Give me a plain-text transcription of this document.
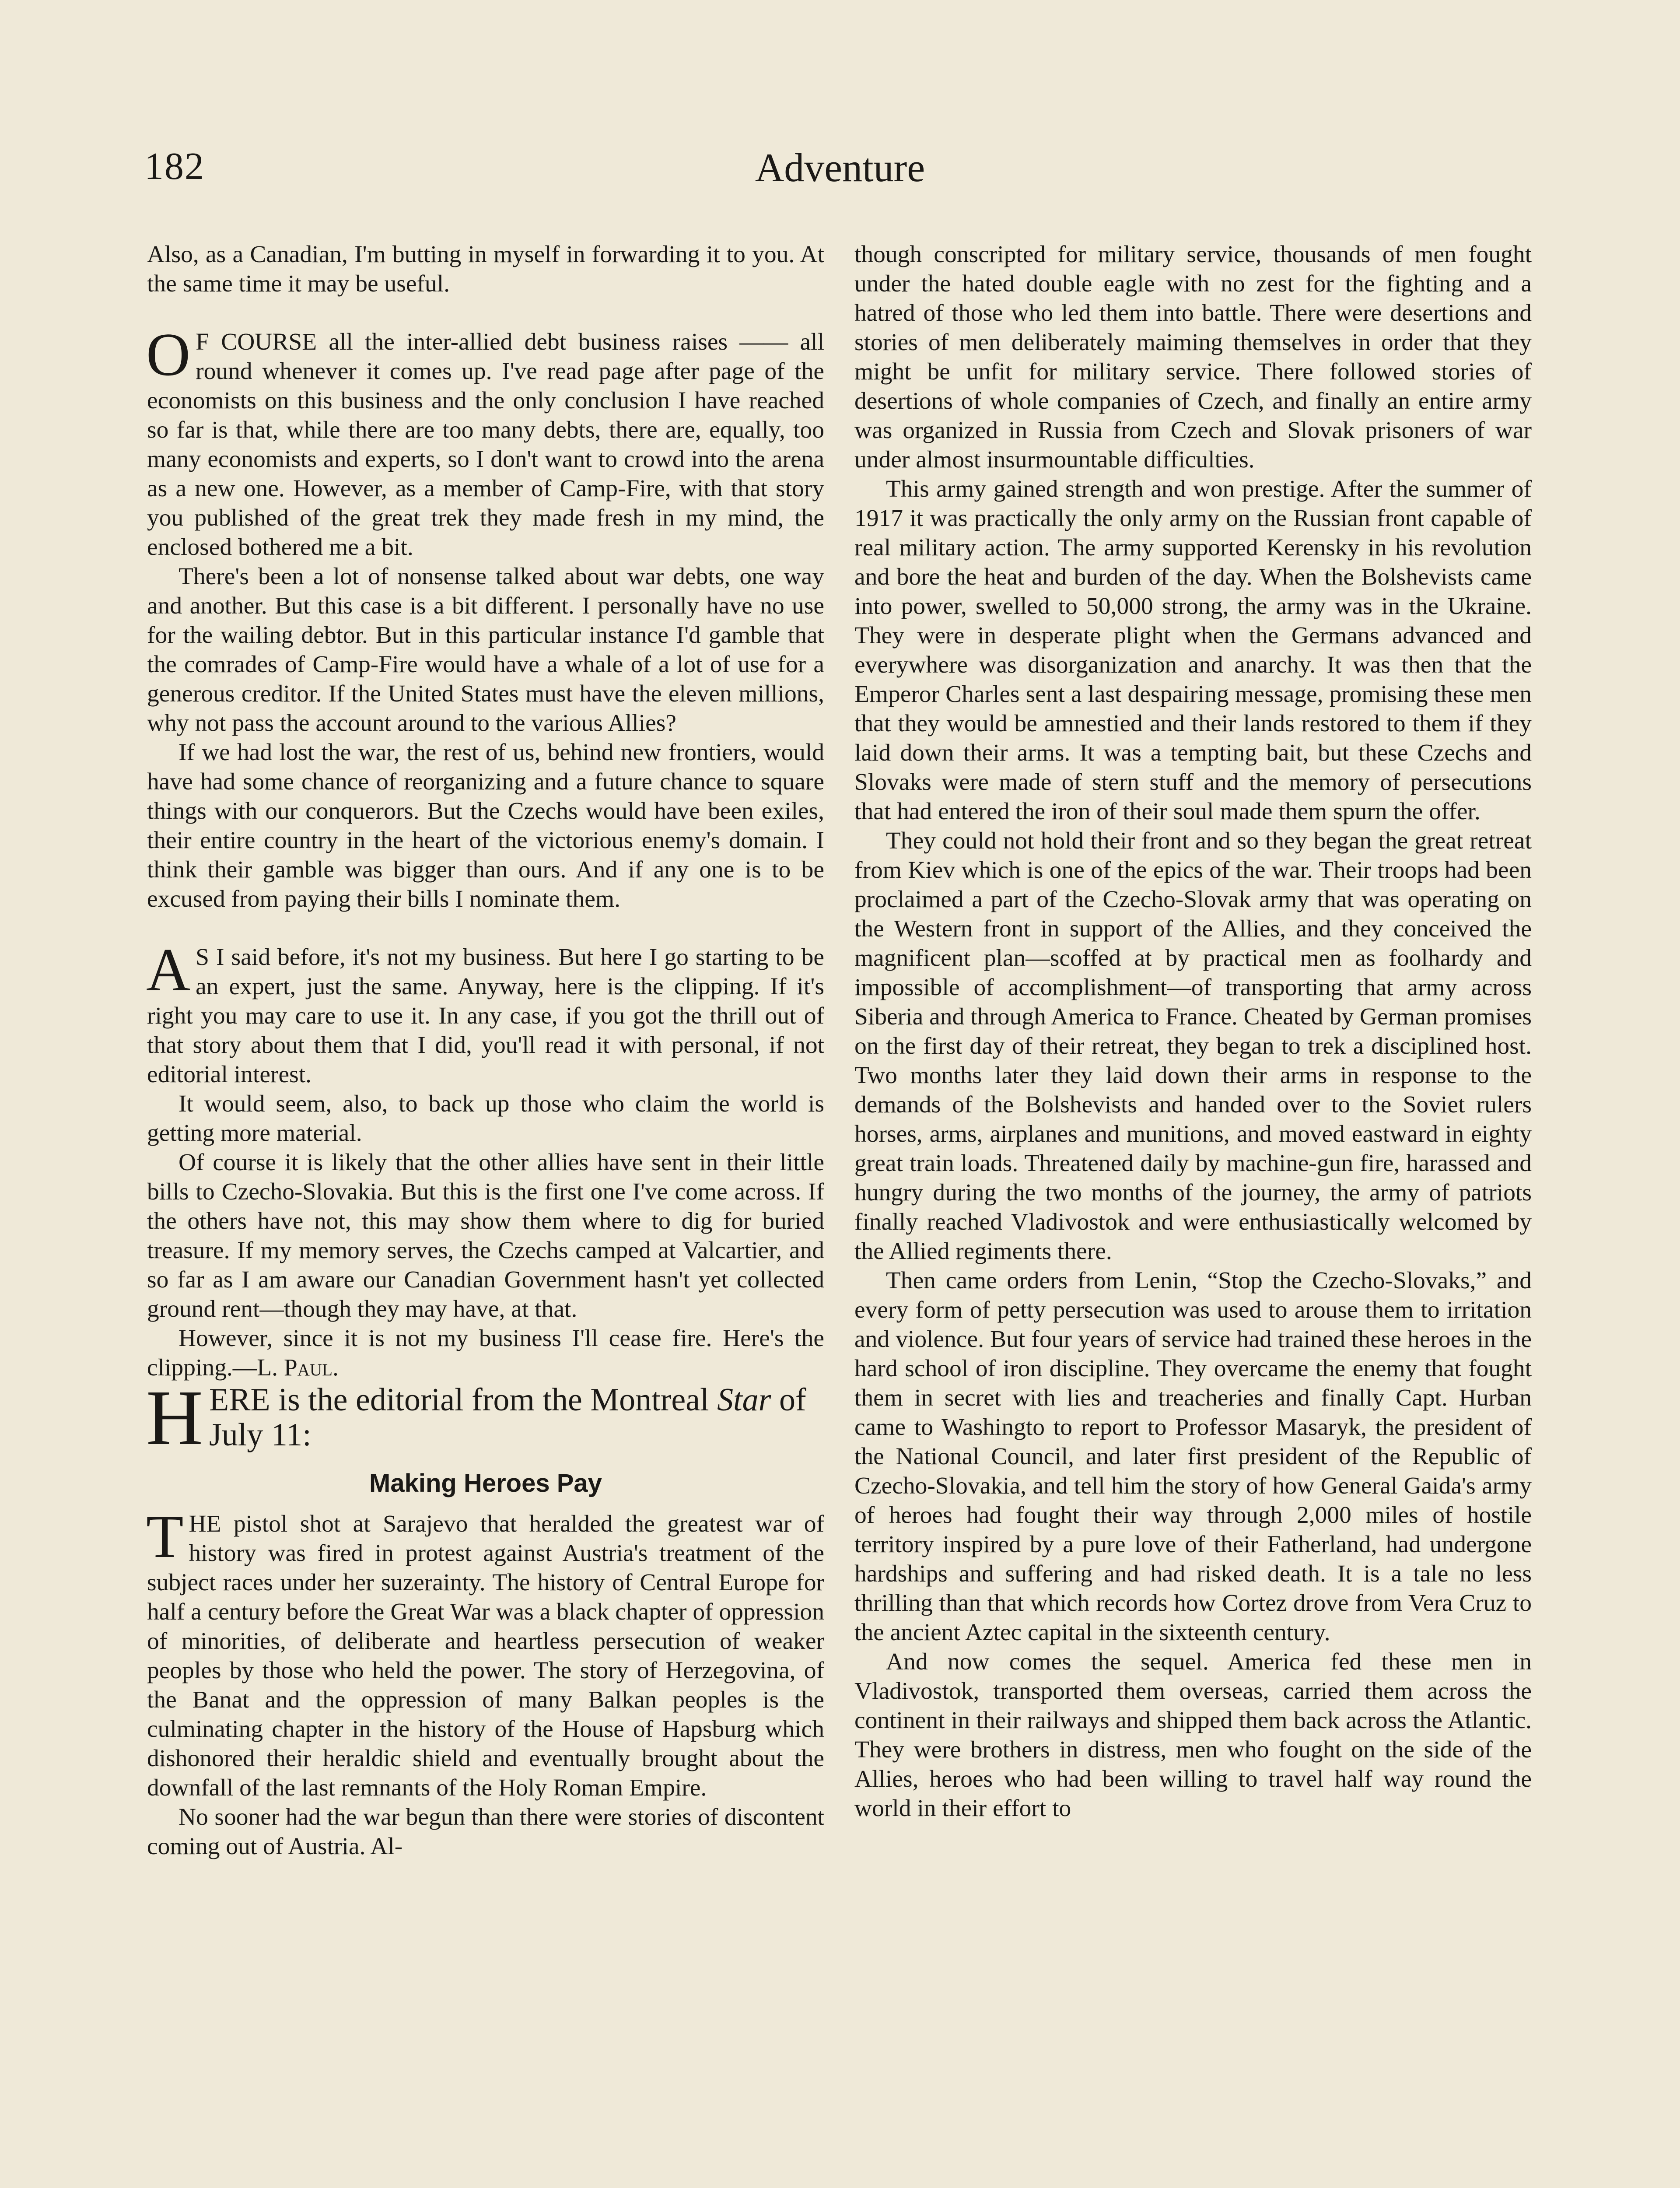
182	Adventure

Also, as a Canadian, I'm butting in myself in forwarding it to you. At the same time it may be useful.

O F COURSE all the inter-allied debt business raises —— all round whenever it comes up. I've read page after page of the economists on this business and the only conclusion I have reached so far is that, while there are too many debts, there are, equally, too many economists and experts, so I don't want to crowd into the arena as a new one. However, as a member of Camp-Fire, with that story you published of the great trek they made fresh in my mind, the enclosed bothered me a bit.

There's been a lot of nonsense talked about war debts, one way and another. But this case is a bit different. I personally have no use for the wailing debtor. But in this particular instance I'd gamble that the comrades of Camp-Fire would have a whale of a lot of use for a generous creditor. If the United States must have the eleven millions, why not pass the account around to the various Allies?

If we had lost the war, the rest of us, behind new frontiers, would have had some chance of reorganizing and a future chance to square things with our conquerors. But the Czechs would have been exiles, their entire country in the heart of the victorious enemy's domain. I think their gamble was bigger than ours. And if any one is to be excused from paying their bills I nominate them.

A S I said before, it's not my business. But here I go starting to be an expert, just the same. Anyway, here is the clipping. If it's right you may care to use it. In any case, if you got the thrill out of that story about them that I did, you'll read it with personal, if not editorial interest.

It would seem, also, to back up those who claim the world is getting more material.

Of course it is likely that the other allies have sent in their little bills to Czecho-Slovakia. But this is the first one I've come across. If the others have not, this may show them where to dig for buried treasure. If my memory serves, the Czechs camped at Valcartier, and so far as I am aware our Canadian Government hasn't yet collected ground rent—though they may have, at that.

However, since it is not my business I'll cease fire. Here's the clipping.—L. Paul.

HERE is the editorial from the Montreal Star of July 11:

Making Heroes Pay

THE pistol shot at Sarajevo that heralded the greatest war of history was fired in protest against Austria's treatment of the subject races under her suzerainty. The history of Central Europe for half a century before the Great War was a black chapter of oppression of minorities, of deliberate and heartless persecution of weaker peoples by those who held the power. The story of Herzegovina, of the Banat and the oppression of many Balkan peoples is the culminating chapter in the history of the House of Hapsburg which dishonored their heraldic shield and eventually brought about the downfall of the last remnants of the Holy Roman Empire.

No sooner had the war begun than there were stories of discontent coming out of Austria. Al-

though conscripted for military service, thousands of men fought under the hated double eagle with no zest for the fighting and a hatred of those who led them into battle. There were desertions and stories of men deliberately maiming themselves in order that they might be unfit for military service. There followed stories of desertions of whole companies of Czech, and finally an entire army was organized in Russia from Czech and Slovak prisoners of war under almost insurmountable difficulties.

This army gained strength and won prestige. After the summer of 1917 it was practically the only army on the Russian front capable of real military action. The army supported Kerensky in his revolution and bore the heat and burden of the day. When the Bolshevists came into power, swelled to 50,000 strong, the army was in the Ukraine. They were in desperate plight when the Germans advanced and everywhere was disorganization and anarchy. It was then that the Emperor Charles sent a last despairing message, promising these men that they would be amnestied and their lands restored to them if they laid down their arms. It was a tempting bait, but these Czechs and Slovaks were made of stern stuff and the memory of persecutions that had entered the iron of their soul made them spurn the offer.

They could not hold their front and so they began the great retreat from Kiev which is one of the epics of the war. Their troops had been proclaimed a part of the Czecho-Slovak army that was operating on the Western front in support of the Allies, and they conceived the magnificent plan—scoffed at by practical men as foolhardy and impossible of accomplishment—of transporting that army across Siberia and through America to France. Cheated by German promises on the first day of their retreat, they began to trek a disciplined host. Two months later they laid down their arms in response to the demands of the Bolshevists and handed over to the Soviet rulers horses, arms, airplanes and munitions, and moved eastward in eighty great train loads. Threatened daily by machine-gun fire, harassed and hungry during the two months of the journey, the army of patriots finally reached Vladivostok and were enthusiastically welcomed by the Allied regiments there.

Then came orders from Lenin, “Stop the Czecho-Slovaks,” and every form of petty persecution was used to arouse them to irritation and violence. But four years of service had trained these heroes in the hard school of iron discipline. They overcame the enemy that fought them in secret with lies and treacheries and finally Capt. Hurban came to Washingto to report to Professor Masaryk, the president of the National Council, and later first president of the Republic of Czecho-Slovakia, and tell him the story of how General Gaida's army of heroes had fought their way through 2,000 miles of hostile territory inspired by a pure love of their Fatherland, had undergone hardships and suffering and had risked death. It is a tale no less thrilling than that which records how Cortez drove from Vera Cruz to the ancient Aztec capital in the sixteenth century.

And now comes the sequel. America fed these men in Vladivostok, transported them overseas, carried them across the continent in their railways and shipped them back across the Atlantic. They were brothers in distress, men who fought on the side of the Allies, heroes who had been willing to travel half way round the world in their effort to
